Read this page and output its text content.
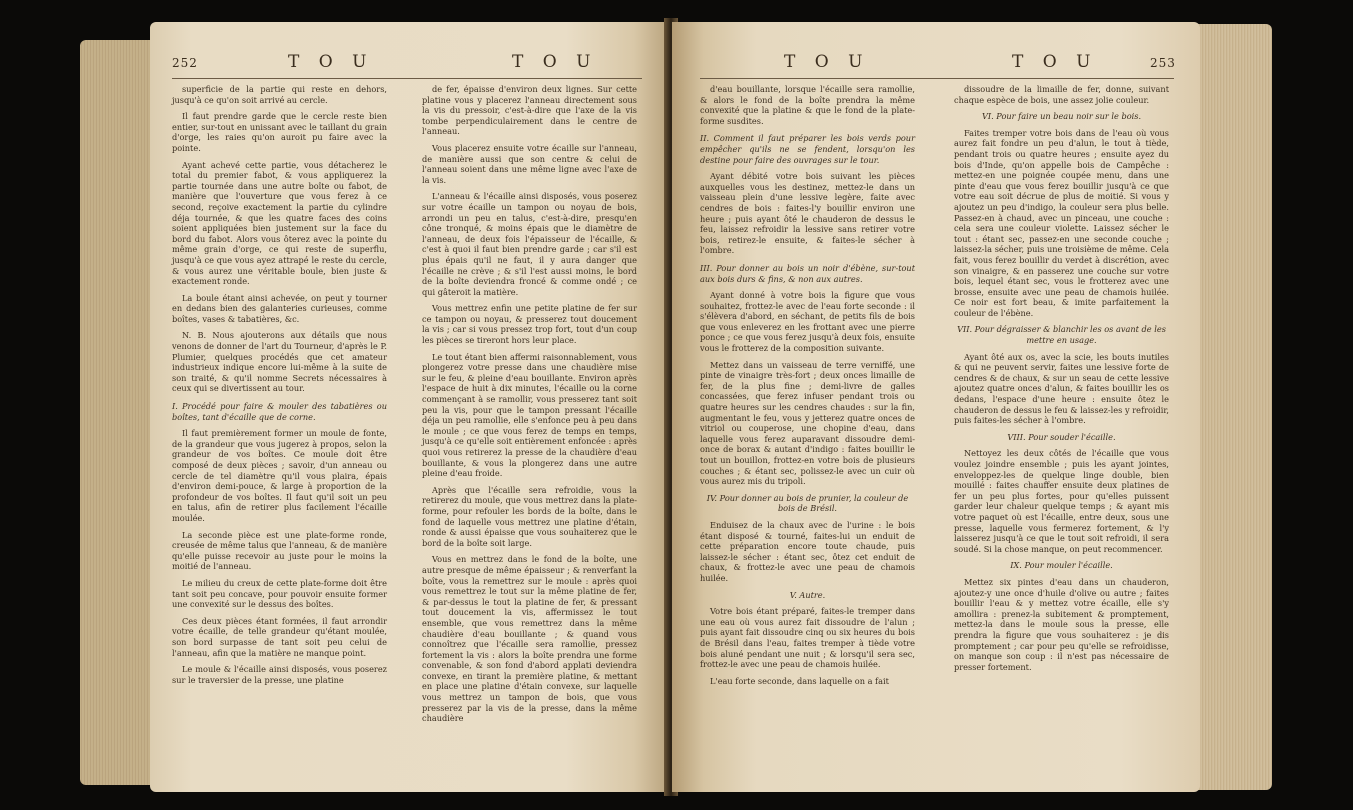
252	T O U	T O U

superficie de la partie qui reste en dehors, jusqu'à ce qu'on soit arrivé au cercle.

Il faut prendre garde que le cercle reste bien entier, sur-tout en unissant avec le taillant du grain d'orge, les raies qu'on auroit pu faire avec la pointe.

Ayant achevé cette partie, vous détacherez le total du premier fabot, & vous appliquerez la partie tournée dans une autre boîte ou fabot, de manière que l'ouverture que vous ferez à ce second, reçoive exactement la partie du cylindre déja tournée, & que les quatre faces des coins soient appliquées bien justement sur la face du bord du fabot. Alors vous ôterez avec la pointe du même grain d'orge, ce qui reste de superflu, jusqu'à ce que vous ayez attrapé le reste du cercle, & vous aurez une véritable boule, bien juste & exactement ronde.

La boule étant ainsi achevée, on peut y tourner en dedans bien des galanteries curieuses, comme boîtes, vases & tabatières, &c.

N. B. Nous ajouterons aux détails que nous venons de donner de l'art du Tourneur, d'après le P. Plumier, quelques procédés que cet amateur industrieux indique encore lui-même à la suite de son traité, & qu'il nomme Secrets nécessaires à ceux qui se divertissent au tour.

I. Procédé pour faire & mouler des tabatières ou boîtes, tant d'écaille que de corne.

Il faut premièrement former un moule de fonte, de la grandeur que vous jugerez à propos, selon la grandeur de vos boîtes. Ce moule doit être composé de deux pièces ; savoir, d'un anneau ou cercle de tel diamètre qu'il vous plaira, épais d'environ demi-pouce, & large à proportion de la profondeur de vos boîtes. Il faut qu'il soit un peu en talus, afin de retirer plus facilement l'écaille moulée.

La seconde pièce est une plate-forme ronde, creusée de même talus que l'anneau, & de manière qu'elle puisse recevoir au juste pour le moins la moitié de l'anneau.

Le milieu du creux de cette plate-forme doit être tant soit peu concave, pour pouvoir ensuite former une convexité sur le dessus des boîtes.

Ces deux pièces étant formées, il faut arrondir votre écaille, de telle grandeur qu'étant moulée, son bord surpasse de tant soit peu celui de l'anneau, afin que la matière ne manque point.

Le moule & l'écaille ainsi disposés, vous poserez sur le traversier de la presse, une platine

de fer, épaisse d'environ deux lignes. Sur cette platine vous y placerez l'anneau directement sous la vis du pressoir, c'est-à-dire que l'axe de la vis tombe perpendiculairement dans le centre de l'anneau.

Vous placerez ensuite votre écaille sur l'anneau, de manière aussi que son centre & celui de l'anneau soient dans une même ligne avec l'axe de la vis.

L'anneau & l'écaille ainsi disposés, vous poserez sur votre écaille un tampon ou noyau de bois, arrondi un peu en talus, c'est-à-dire, presqu'en cône tronqué, & moins épais que le diamètre de l'anneau, de deux fois l'épaisseur de l'écaille, & c'est à quoi il faut bien prendre garde ; car s'il est plus épais qu'il ne faut, il y aura danger que l'écaille ne crève ; & s'il l'est aussi moins, le bord de la boîte deviendra froncé & comme ondé ; ce qui gâteroit la matière.

Vous mettrez enfin une petite platine de fer sur ce tampon ou noyau, & presserez tout doucement la vis ; car si vous pressez trop fort, tout d'un coup les pièces se tireront hors leur place.

Le tout étant bien affermi raisonnablement, vous plongerez votre presse dans une chaudière mise sur le feu, & pleine d'eau bouillante. Environ après l'espace de huit à dix minutes, l'écaille ou la corne commençant à se ramollir, vous presserez tant soit peu la vis, pour que le tampon pressant l'écaille déja un peu ramollie, elle s'enfonce peu à peu dans le moule ; ce que vous ferez de temps en temps, jusqu'à ce qu'elle soit entièrement enfoncée : après quoi vous retirerez la presse de la chaudière d'eau bouillante, & vous la plongerez dans une autre pleine d'eau froide.

Après que l'écaille sera refroidie, vous la retirerez du moule, que vous mettrez dans la plate-forme, pour refouler les bords de la boîte, dans le fond de laquelle vous mettrez une platine d'étain, ronde & aussi épaisse que vous souhaiterez que le bord de la boîte soit large.

Vous en mettrez dans le fond de la boîte, une autre presque de même épaisseur ; & renverfant la boîte, vous la remettrez sur le moule : après quoi vous remettrez le tout sur la même platine de fer, & par-dessus le tout la platine de fer, & pressant tout doucement la vis, affermissez le tout ensemble, que vous remettrez dans la même chaudière d'eau bouillante ; & quand vous connoîtrez que l'écaille sera ramollie, pressez fortement la vis : alors la boîte prendra une forme convenable, & son fond d'abord applati deviendra convexe, en tirant la première platine, & mettant en place une platine d'étain convexe, sur laquelle vous mettrez un tampon de bois, que vous presserez par la vis de la presse, dans la même chaudière

T O U	T O U	253

d'eau bouillante, lorsque l'écaille sera ramollie, & alors le fond de la boîte prendra la même convexité que la platine & que le fond de la plate-forme susdites.

II. Comment il faut préparer les bois verds pour empêcher qu'ils ne se fendent, lorsqu'on les destine pour faire des ouvrages sur le tour.

Ayant débité votre bois suivant les pièces auxquelles vous les destinez, mettez-le dans un vaisseau plein d'une lessive legère, faite avec cendres de bois : faites-l'y bouillir environ une heure ; puis ayant ôté le chauderon de dessus le feu, laissez refroidir la lessive sans retirer votre bois, retirez-le ensuite, & faites-le sécher à l'ombre.

III. Pour donner au bois un noir d'ébène, sur-tout aux bois durs & fins, & non aux autres.

Ayant donné à votre bois la figure que vous souhaitez, frottez-le avec de l'eau forte seconde : il s'élèvera d'abord, en séchant, de petits fils de bois que vous enleverez en les frottant avec une pierre ponce ; ce que vous ferez jusqu'à deux fois, ensuite vous le frotterez de la composition suivante.

Mettez dans un vaisseau de terre verniffé, une pinte de vinaigre très-fort ; deux onces limaille de fer, de la plus fine ; demi-livre de galles concassées, que ferez infuser pendant trois ou quatre heures sur les cendres chaudes : sur la fin, augmentant le feu, vous y jetterez quatre onces de vitriol ou couperose, une chopine d'eau, dans laquelle vous ferez auparavant dissoudre demi-once de borax & autant d'indigo : faites bouillir le tout un bouillon, frottez-en votre bois de plusieurs couches ; & étant sec, polissez-le avec un cuir où vous aurez mis du tripoli.

IV. Pour donner au bois de prunier, la couleur de bois de Brésil.

Enduisez de la chaux avec de l'urine : le bois étant disposé & tourné, faites-lui un enduit de cette préparation encore toute chaude, puis laissez-le sécher : étant sec, ôtez cet enduit de chaux, & frottez-le avec une peau de chamois huilée.

V. Autre.

Votre bois étant préparé, faites-le tremper dans une eau où vous aurez fait dissoudre de l'alun ; puis ayant fait dissoudre cinq ou six heures du bois de Brésil dans l'eau, faites tremper à tiède votre bois aluné pendant une nuit ; & lorsqu'il sera sec, frottez-le avec une peau de chamois huilée.

L'eau forte seconde, dans laquelle on a fait

dissoudre de la limaille de fer, donne, suivant chaque espèce de bois, une assez jolie couleur.

VI. Pour faire un beau noir sur le bois.

Faites tremper votre bois dans de l'eau où vous aurez fait fondre un peu d'alun, le tout à tiède, pendant trois ou quatre heures ; ensuite ayez du bois d'Inde, qu'on appelle bois de Campêche : mettez-en une poignée coupée menu, dans une pinte d'eau que vous ferez bouillir jusqu'à ce que votre eau soit décrue de plus de moitié. Si vous y ajoutez un peu d'indigo, la couleur sera plus belle. Passez-en à chaud, avec un pinceau, une couche : cela sera une couleur violette. Laissez sécher le tout : étant sec, passez-en une seconde couche ; laissez-la sécher, puis une troisième de même. Cela fait, vous ferez bouillir du verdet à discrétion, avec son vinaigre, & en passerez une couche sur votre bois, lequel étant sec, vous le frotterez avec une brosse, ensuite avec une peau de chamois huilée. Ce noir est fort beau, & imite parfaitement la couleur de l'ébène.

VII. Pour dégraisser & blanchir les os avant de les mettre en usage.

Ayant ôté aux os, avec la scie, les bouts inutiles & qui ne peuvent servir, faites une lessive forte de cendres & de chaux, & sur un seau de cette lessive ajoutez quatre onces d'alun, & faites bouillir les os dedans, l'espace d'une heure : ensuite ôtez le chauderon de dessus le feu & laissez-les y refroidir, puis faites-les sécher à l'ombre.

VIII. Pour souder l'écaille.

Nettoyez les deux côtés de l'écaille que vous voulez joindre ensemble ; puis les ayant jointes, enveloppez-les de quelque linge double, bien mouillé : faites chauffer ensuite deux platines de fer un peu plus fortes, pour qu'elles puissent garder leur chaleur quelque temps ; & ayant mis votre paquet où est l'écaille, entre deux, sous une presse, laquelle vous fermerez fortement, & l'y laisserez jusqu'à ce que le tout soit refroidi, il sera soudé. Si la chose manque, on peut recommencer.

IX. Pour mouler l'écaille.

Mettez six pintes d'eau dans un chauderon, ajoutez-y une once d'huile d'olive ou autre ; faites bouillir l'eau & y mettez votre écaille, elle s'y amollira : prenez-la subitement & promptement, mettez-la dans le moule sous la presse, elle prendra la figure que vous souhaiterez : je dis promptement ; car pour peu qu'elle se refroidisse, on manque son coup : il n'est pas nécessaire de presser fortement.
